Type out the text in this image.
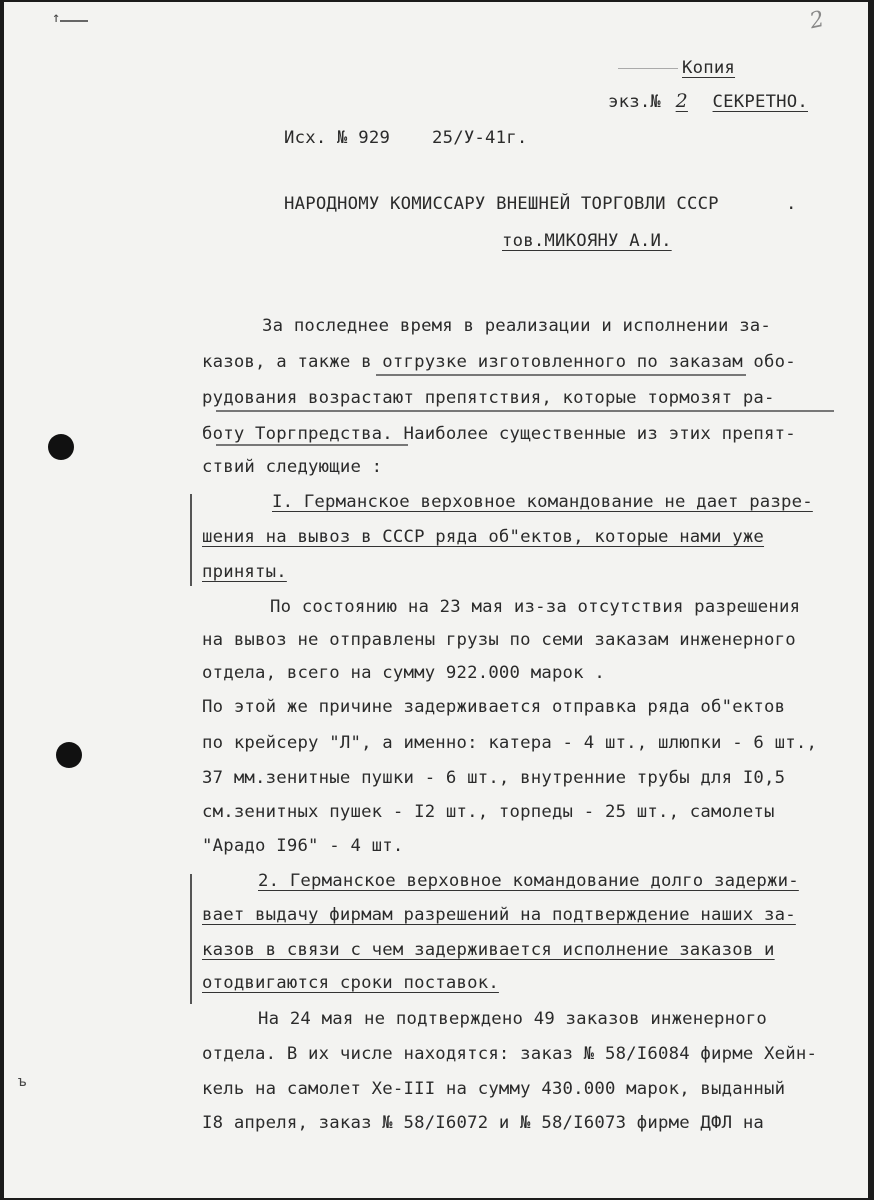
2
↑
Копия
экз.№ 2 СЕКРЕТНО.
Исх. № 929 25/У-41г.
НАРОДНОМУ КОМИССАРУ ВНЕШНЕЙ ТОРГОВЛИ СССР	.
тов.МИКОЯНУ А.И.
За последнее время в реализации и исполнении за-
казов, а также в отгрузке изготовленного по заказам обо-
рудования возрастают препятствия, которые тормозят ра-
боту Торгпредства. Наиболее существенные из этих препят-
ствий следующие :
I. Германское верховное командование не дает разре-
шения на вывоз в СССР ряда об"ектов, которые нами уже
приняты.
По состоянию на 23 мая из-за отсутствия разрешения
на вывоз не отправлены грузы по семи заказам инженерного
отдела, всего на сумму 922.000 марок .
По этой же причине задерживается отправка ряда об"ектов
по крейсеру "Л", а именно: катера - 4 шт., шлюпки - 6 шт.,
37 мм.зенитные пушки - 6 шт., внутренние трубы для I0,5
см.зенитных пушек - I2 шт., торпеды - 25 шт., самолеты
"Арадо I96" - 4 шт.
2. Германское верховное командование долго задержи-
вает выдачу фирмам разрешений на подтверждение наших за-
казов в связи с чем задерживается исполнение заказов и
отодвигаются сроки поставок.
На 24 мая не подтверждено 49 заказов инженерного
отдела. В их числе находятся: заказ № 58/I6084 фирме Хейн-
кель на самолет Хе-III на сумму 430.000 марок, выданный
I8 апреля, заказ № 58/I6072 и № 58/I6073 фирме ДФЛ на
ъ
